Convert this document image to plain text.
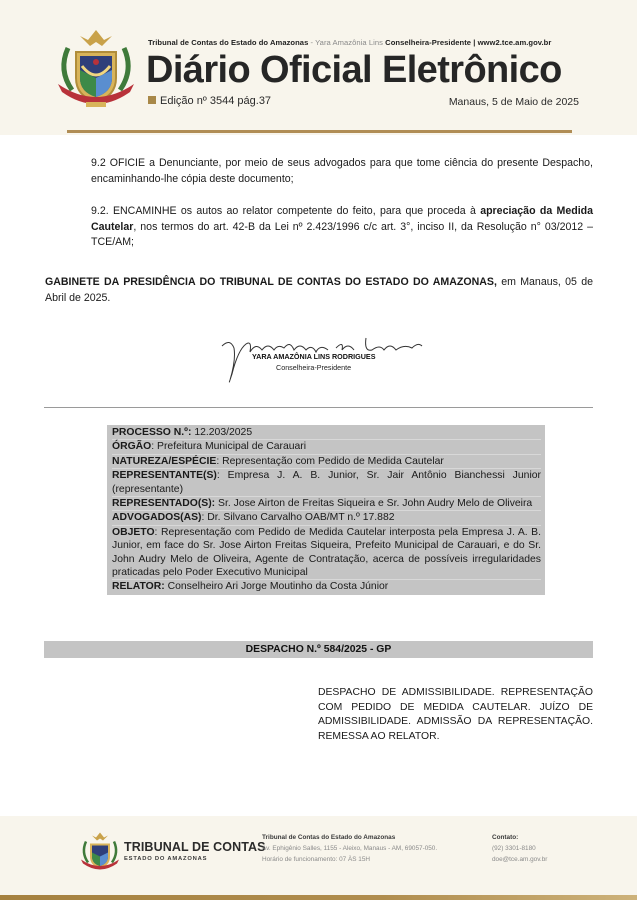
Tribunal de Contas do Estado do Amazonas - Yara Amazônia Lins Conselheira-Presidente | www2.tce.am.gov.br
Diário Oficial Eletrônico
Edição nº 3544 pág.37	Manaus, 5 de Maio de 2025

9.2 OFICIE a Denunciante, por meio de seus advogados para que tome ciência do presente Despacho, encaminhando-lhe cópia deste documento;

9.2. ENCAMINHE os autos ao relator competente do feito, para que proceda à apreciação da Medida Cautelar, nos termos do art. 42-B da Lei nº 2.423/1996 c/c art. 3°, inciso II, da Resolução n° 03/2012 – TCE/AM;

GABINETE DA PRESIDÊNCIA DO TRIBUNAL DE CONTAS DO ESTADO DO AMAZONAS, em Manaus, 05 de Abril de 2025.

YARA AMAZÔNIA LINS RODRIGUES
Conselheira-Presidente
PROCESSO N.º: 12.203/2025
ÓRGÃO: Prefeitura Municipal de Carauari
NATUREZA/ESPÉCIE: Representação com Pedido de Medida Cautelar
REPRESENTANTE(S): Empresa J. A. B. Junior, Sr. Jair Antônio Bianchessi Junior (representante)
REPRESENTADO(S): Sr. Jose Airton de Freitas Siqueira e Sr. John Audry Melo de Oliveira
ADVOGADOS(AS): Dr. Silvano Carvalho OAB/MT n.º 17.882
OBJETO: Representação com Pedido de Medida Cautelar interposta pela Empresa J. A. B. Junior, em face do Sr. Jose Airton Freitas Siqueira, Prefeito Municipal de Carauari, e do Sr. John Audry Melo de Oliveira, Agente de Contratação, acerca de possíveis irregularidades praticadas pelo Poder Executivo Municipal
RELATOR: Conselheiro Ari Jorge Moutinho da Costa Júnior
DESPACHO N.º 584/2025 - GP

DESPACHO DE ADMISSIBILIDADE. REPRESENTAÇÃO COM PEDIDO DE MEDIDA CAUTELAR. JUÍZO DE ADMISSIBILIDADE. ADMISSÃO DA REPRESENTAÇÃO. REMESSA AO RELATOR.

TRIBUNAL DE CONTAS
ESTADO DO AMAZONAS
Tribunal de Contas do Estado do Amazonas
Av. Ephigênio Salles, 1155 - Aleixo, Manaus - AM, 69057-050.
Horário de funcionamento: 07 ÀS 15H
Contato:
(92) 3301-8180
doe@tce.am.gov.br
